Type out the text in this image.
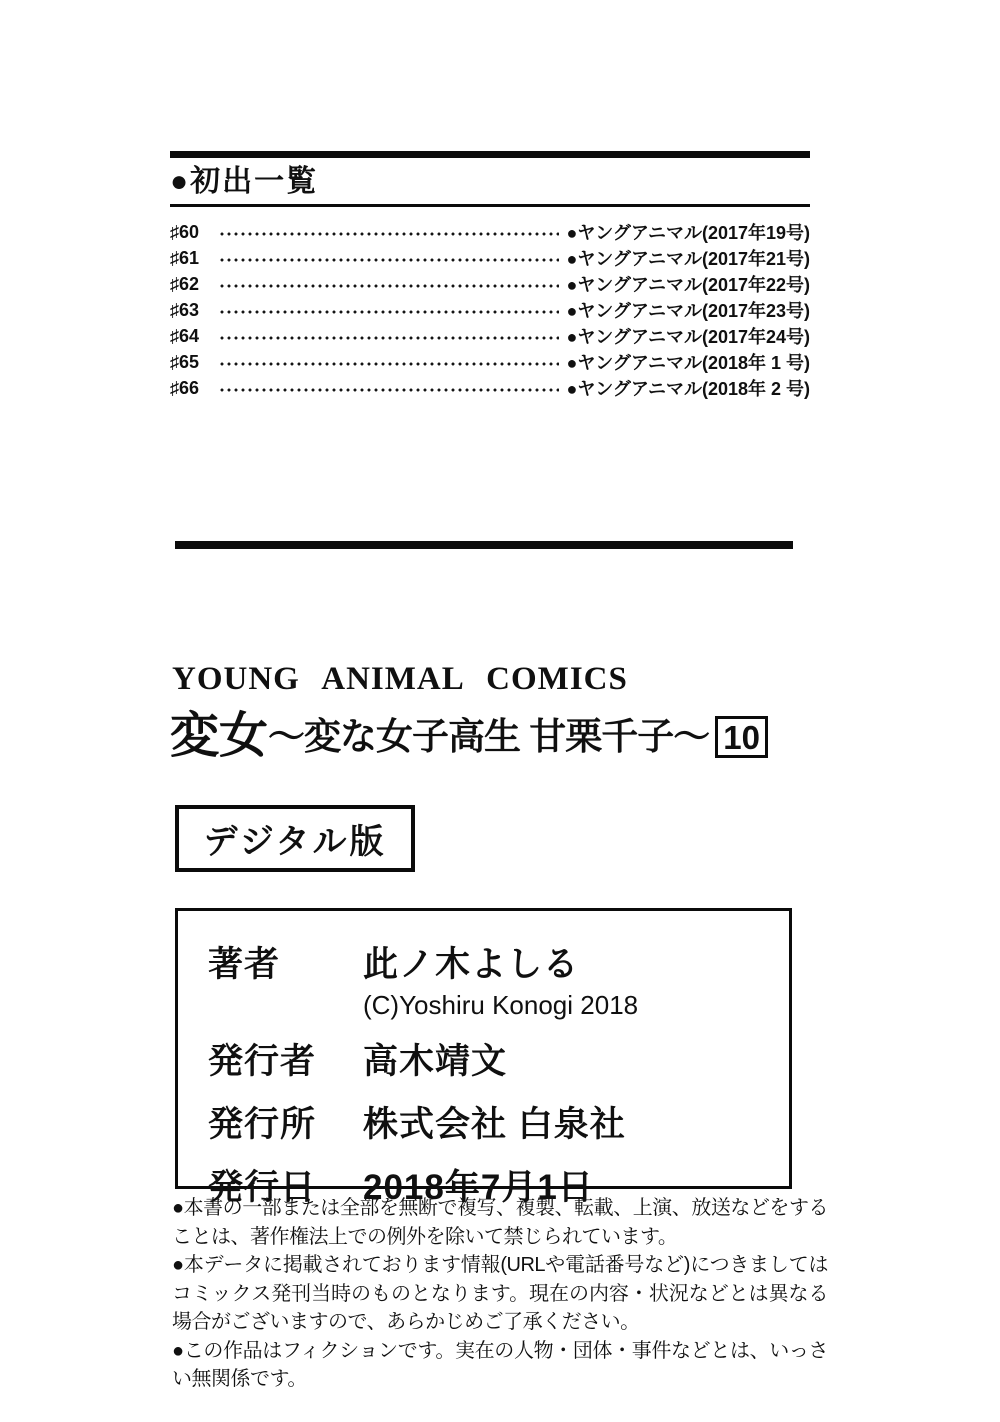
●初出一覧
♯60	●ヤングアニマル(2017年19号)
♯61	●ヤングアニマル(2017年21号)
♯62	●ヤングアニマル(2017年22号)
♯63	●ヤングアニマル(2017年23号)
♯64	●ヤングアニマル(2017年24号)
♯65	●ヤングアニマル(2018年 1 号)
♯66	●ヤングアニマル(2018年 2 号)
YOUNG ANIMAL COMICS
変女 〜変な女子高生 甘栗千子〜 10
デジタル版
著者	此ノ木よしる
(C)Yoshiru Konogi 2018
発行者	高木靖文
発行所	株式会社 白泉社
発行日	2018年7月1日

●本書の一部または全部を無断で複写、複製、転載、上演、放送などをすることは、著作権法上での例外を除いて禁じられています。

●本データに掲載されております情報(URLや電話番号など)につきましてはコミックス発刊当時のものとなります。現在の内容・状況などとは異なる場合がございますので、あらかじめご了承ください。

●この作品はフィクションです。実在の人物・団体・事件などとは、いっさい無関係です。
